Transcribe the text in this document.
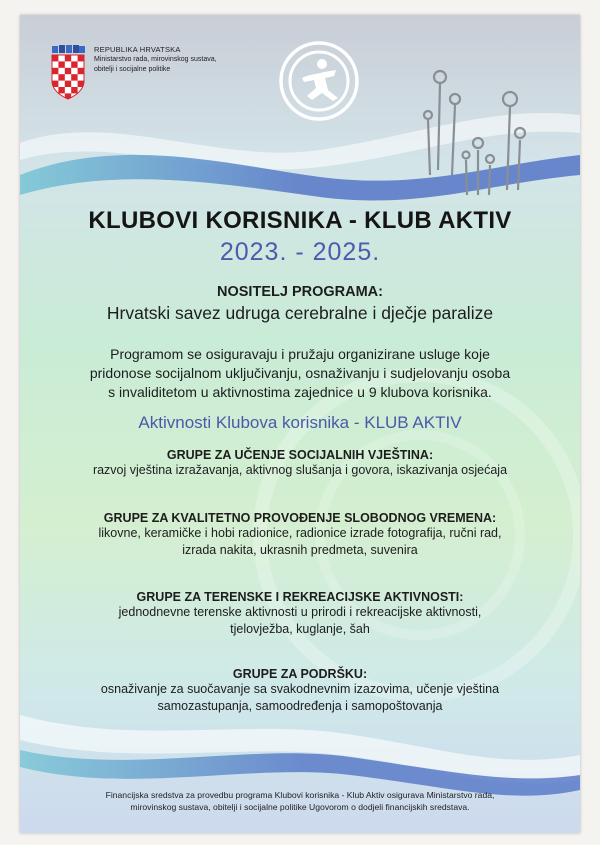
REPUBLIKA HRVATSKA
Ministarstvo rada, mirovinskog sustava,
obitelji i socijalne politike
KLUBOVI KORISNIKA - KLUB AKTIV
2023. - 2025.
NOSITELJ PROGRAMA:
Hrvatski savez udruga cerebralne i dječje paralize
Programom se osiguravaju i pružaju organizirane usluge koje
pridonose socijalnom uključivanju, osnaživanju i sudjelovanju osoba
s invaliditetom u aktivnostima zajednice u 9 klubova korisnika.
Aktivnosti Klubova korisnika - KLUB AKTIV
GRUPE ZA UČENJE SOCIJALNIH VJEŠTINA:
razvoj vještina izražavanja, aktivnog slušanja i govora, iskazivanja osjećaja
GRUPE ZA KVALITETNO PROVOĐENJE SLOBODNOG VREMENA:
likovne, keramičke i hobi radionice, radionice izrade fotografija, ručni rad,
izrada nakita, ukrasnih predmeta, suvenira
GRUPE ZA TERENSKE I REKREACIJSKE AKTIVNOSTI:
jednodnevne terenske aktivnosti u prirodi i rekreacijske aktivnosti,
tjelovježba, kuglanje, šah
GRUPE ZA PODRŠKU:
osnaživanje za suočavanje sa svakodnevnim izazovima, učenje vještina
samozastupanja, samoodređenja i samopoštovanja
Financijska sredstva za provedbu programa Klubovi korisnika - Klub Aktiv osigurava Ministarstvo rada,
mirovinskog sustava, obitelji i socijalne politike Ugovorom o dodjeli financijskih sredstava.
